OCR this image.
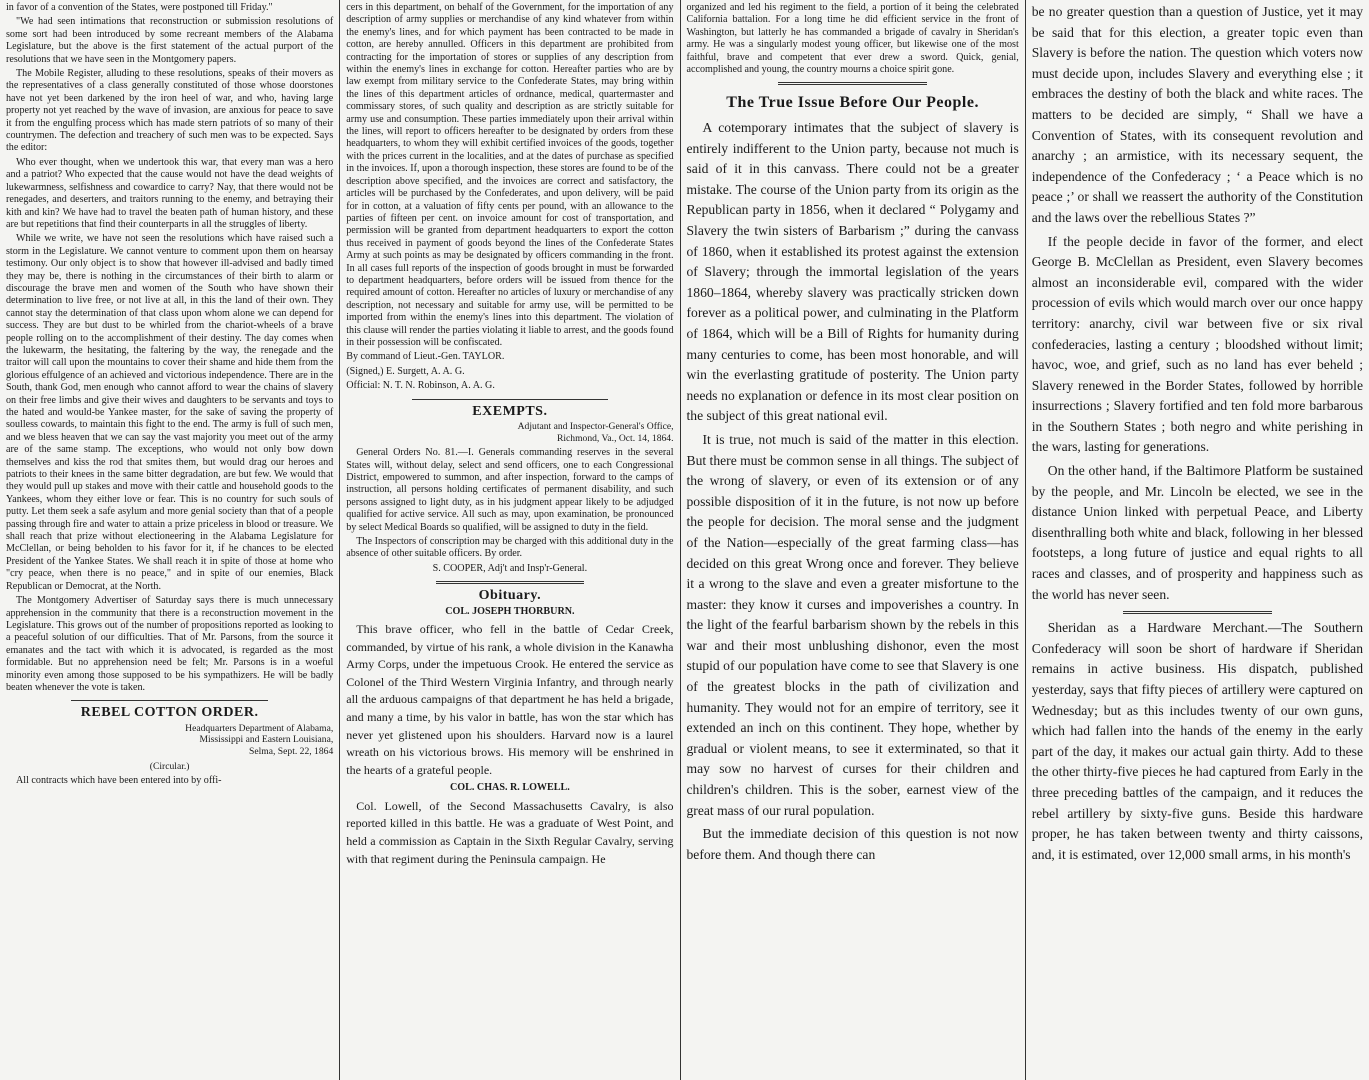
in favor of a convention of the States, were postponed till Friday."

"We had seen intimations that reconstruction or submission resolutions of some sort had been introduced by some recreant members of the Alabama Legislature, but the above is the first statement of the actual purport of the resolutions that we have seen in the Montgomery papers.

The Mobile Register, alluding to these resolutions, speaks of their movers as the representatives of a class generally constituted of those whose doorstones have not yet been darkened by the iron heel of war, and who, having large property not yet reached by the wave of invasion, are anxious for peace to save it from the engulfing process which has made stern patriots of so many of their countrymen. The defection and treachery of such men was to be expected. Says the editor:

Who ever thought, when we undertook this war, that every man was a hero and a patriot? Who expected that the cause would not have the dead weights of lukewarmness, selfishness and cowardice to carry? Nay, that there would not be renegades, and deserters, and traitors running to the enemy, and betraying their kith and kin? We have had to travel the beaten path of human history, and these are but repetitions that find their counterparts in all the struggles of liberty.

While we write, we have not seen the resolutions which have raised such a storm in the Legislature. We cannot venture to comment upon them on hearsay testimony. Our only object is to show that however ill-advised and badly timed they may be, there is nothing in the circumstances of their birth to alarm or discourage the brave men and women of the South who have shown their determination to live free, or not live at all, in this the land of their own. They cannot stay the determination of that class upon whom alone we can depend for success. They are but dust to be whirled from the chariot-wheels of a brave people rolling on to the accomplishment of their destiny. The day comes when the lukewarm, the hesitating, the faltering by the way, the renegade and the traitor will call upon the mountains to cover their shame and hide them from the glorious effulgence of an achieved and victorious independence. There are in the South, thank God, men enough who cannot afford to wear the chains of slavery on their free limbs and give their wives and daughters to be servants and toys to the hated and would-be Yankee master, for the sake of saving the property of soulless cowards, to maintain this fight to the end. The army is full of such men, and we bless heaven that we can say the vast majority you meet out of the army are of the same stamp. The exceptions, who would not only bow down themselves and kiss the rod that smites them, but would drag our heroes and patriots to their knees in the same bitter degradation, are but few. We would that they would pull up stakes and move with their cattle and household goods to the Yankees, whom they either love or fear. This is no country for such souls of putty. Let them seek a safe asylum and more genial society than that of a people passing through fire and water to attain a prize priceless in blood or treasure. We shall reach that prize without electioneering in the Alabama Legislature for McClellan, or being beholden to his favor for it, if he chances to be elected President of the Yankee States. We shall reach it in spite of those at home who "cry peace, when there is no peace," and in spite of our enemies, Black Republican or Democrat, at the North.

The Montgomery Advertiser of Saturday says there is much unnecessary apprehension in the community that there is a reconstruction movement in the Legislature. This grows out of the number of propositions reported as looking to a peaceful solution of our difficulties. That of Mr. Parsons, from the source it emanates and the tact with which it is advocated, is regarded as the most formidable. But no apprehension need be felt; Mr. Parsons is in a woeful minority even among those supposed to be his sympathizers. He will be badly beaten whenever the vote is taken.

REBEL COTTON ORDER.
Headquarters Department of Alabama,
Mississippi and Eastern Louisiana,
Selma, Sept. 22, 1864
(Circular.)

All contracts which have been entered into by offi-

cers in this department, on behalf of the Government, for the importation of any description of army supplies or merchandise of any kind whatever from within the enemy's lines, and for which payment has been contracted to be made in cotton, are hereby annulled. Officers in this department are prohibited from contracting for the importation of stores or supplies of any description from within the enemy's lines in exchange for cotton. Hereafter parties who are by law exempt from military service to the Confederate States, may bring within the lines of this department articles of ordnance, medical, quartermaster and commissary stores, of such quality and description as are strictly suitable for army use and consumption. These parties immediately upon their arrival within the lines, will report to officers hereafter to be designated by orders from these headquarters, to whom they will exhibit certified invoices of the goods, together with the prices current in the localities, and at the dates of purchase as specified in the invoices. If, upon a thorough inspection, these stores are found to be of the description above specified, and the invoices are correct and satisfactory, the articles will be purchased by the Confederates, and upon delivery, will be paid for in cotton, at a valuation of fifty cents per pound, with an allowance to the parties of fifteen per cent. on invoice amount for cost of transportation, and permission will be granted from department headquarters to export the cotton thus received in payment of goods beyond the lines of the Confederate States Army at such points as may be designated by officers commanding in the front. In all cases full reports of the inspection of goods brought in must be forwarded to department headquarters, before orders will be issued from thence for the required amount of cotton. Hereafter no articles of luxury or merchandise of any description, not necessary and suitable for army use, will be permitted to be imported from within the enemy's lines into this department. The violation of this clause will render the parties violating it liable to arrest, and the goods found in their possession will be confiscated.

By command of Lieut.-Gen. TAYLOR.

(Signed,) E. Surgett, A. A. G.

Official: N. T. N. Robinson, A. A. G.

EXEMPTS.
Adjutant and Inspector-General's Office,
Richmond, Va., Oct. 14, 1864.

General Orders No. 81.—I. Generals commanding reserves in the several States will, without delay, select and send officers, one to each Congressional District, empowered to summon, and after inspection, forward to the camps of instruction, all persons holding certificates of permanent disability, and such persons assigned to light duty, as in his judgment appear likely to be adjudged qualified for active service. All such as may, upon examination, be pronounced by select Medical Boards so qualified, will be assigned to duty in the field.

The Inspectors of conscription may be charged with this additional duty in the absence of other suitable officers. By order.

S. COOPER, Adj't and Insp'r-General.

Obituary.
COL. JOSEPH THORBURN.

This brave officer, who fell in the battle of Cedar Creek, commanded, by virtue of his rank, a whole division in the Kanawha Army Corps, under the impetuous Crook. He entered the service as Colonel of the Third Western Virginia Infantry, and through nearly all the arduous campaigns of that department he has held a brigade, and many a time, by his valor in battle, has won the star which has never yet glistened upon his shoulders. Harvard now is a laurel wreath on his victorious brows. His memory will be enshrined in the hearts of a grateful people.

COL. CHAS. R. LOWELL.

Col. Lowell, of the Second Massachusetts Cavalry, is also reported killed in this battle. He was a graduate of West Point, and held a commission as Captain in the Sixth Regular Cavalry, serving with that regiment during the Peninsula campaign. He

organized and led his regiment to the field, a portion of it being the celebrated California battalion. For a long time he did efficient service in the front of Washington, but latterly he has commanded a brigade of cavalry in Sheridan's army. He was a singularly modest young officer, but likewise one of the most faithful, brave and competent that ever drew a sword. Quick, genial, accomplished and young, the country mourns a choice spirit gone.

The True Issue Before Our People.

A cotemporary intimates that the subject of slavery is entirely indifferent to the Union party, because not much is said of it in this canvass. There could not be a greater mistake. The course of the Union party from its origin as the Republican party in 1856, when it declared “ Polygamy and Slavery the twin sisters of Barbarism ;” during the canvass of 1860, when it established its protest against the extension of Slavery; through the immortal legislation of the years 1860–1864, whereby slavery was practically stricken down forever as a political power, and culminating in the Platform of 1864, which will be a Bill of Rights for humanity during many centuries to come, has been most honorable, and will win the everlasting gratitude of posterity. The Union party needs no explanation or defence in its most clear position on the subject of this great national evil.

It is true, not much is said of the matter in this election. But there must be common sense in all things. The subject of the wrong of slavery, or even of its extension or of any possible disposition of it in the future, is not now up before the people for decision. The moral sense and the judgment of the Nation—especially of the great farming class—has decided on this great Wrong once and forever. They believe it a wrong to the slave and even a greater misfortune to the master: they know it curses and impoverishes a country. In the light of the fearful barbarism shown by the rebels in this war and their most unblushing dishonor, even the most stupid of our population have come to see that Slavery is one of the greatest blocks in the path of civilization and humanity. They would not for an empire of territory, see it extended an inch on this continent. They hope, whether by gradual or violent means, to see it exterminated, so that it may sow no harvest of curses for their children and children's children. This is the sober, earnest view of the great mass of our rural population.

But the immediate decision of this question is not now before them. And though there can

be no greater question than a question of Justice, yet it may be said that for this election, a greater topic even than Slavery is before the nation. The question which voters now must decide upon, includes Slavery and everything else ; it embraces the destiny of both the black and white races. The matters to be decided are simply, “ Shall we have a Convention of States, with its consequent revolution and anarchy ; an armistice, with its necessary sequent, the independence of the Confederacy ; ‘ a Peace which is no peace ;’ or shall we reassert the authority of the Constitution and the laws over the rebellious States ?”

If the people decide in favor of the former, and elect George B. McClellan as President, even Slavery becomes almost an inconsiderable evil, compared with the wider procession of evils which would march over our once happy territory: anarchy, civil war between five or six rival confederacies, lasting a century ; bloodshed without limit; havoc, woe, and grief, such as no land has ever beheld ; Slavery renewed in the Border States, followed by horrible insurrections ; Slavery fortified and ten fold more barbarous in the Southern States ; both negro and white perishing in the wars, lasting for generations.

On the other hand, if the Baltimore Platform be sustained by the people, and Mr. Lincoln be elected, we see in the distance Union linked with perpetual Peace, and Liberty disenthralling both white and black, following in her blessed footsteps, a long future of justice and equal rights to all races and classes, and of prosperity and happiness such as the world has never seen.

Sheridan as a Hardware Merchant.—The Southern Confederacy will soon be short of hardware if Sheridan remains in active business. His dispatch, published yesterday, says that fifty pieces of artillery were captured on Wednesday; but as this includes twenty of our own guns, which had fallen into the hands of the enemy in the early part of the day, it makes our actual gain thirty. Add to these the other thirty-five pieces he had captured from Early in the three preceding battles of the campaign, and it reduces the rebel artillery by sixty-five guns. Beside this hardware proper, he has taken between twenty and thirty caissons, and, it is estimated, over 12,000 small arms, in his month's
